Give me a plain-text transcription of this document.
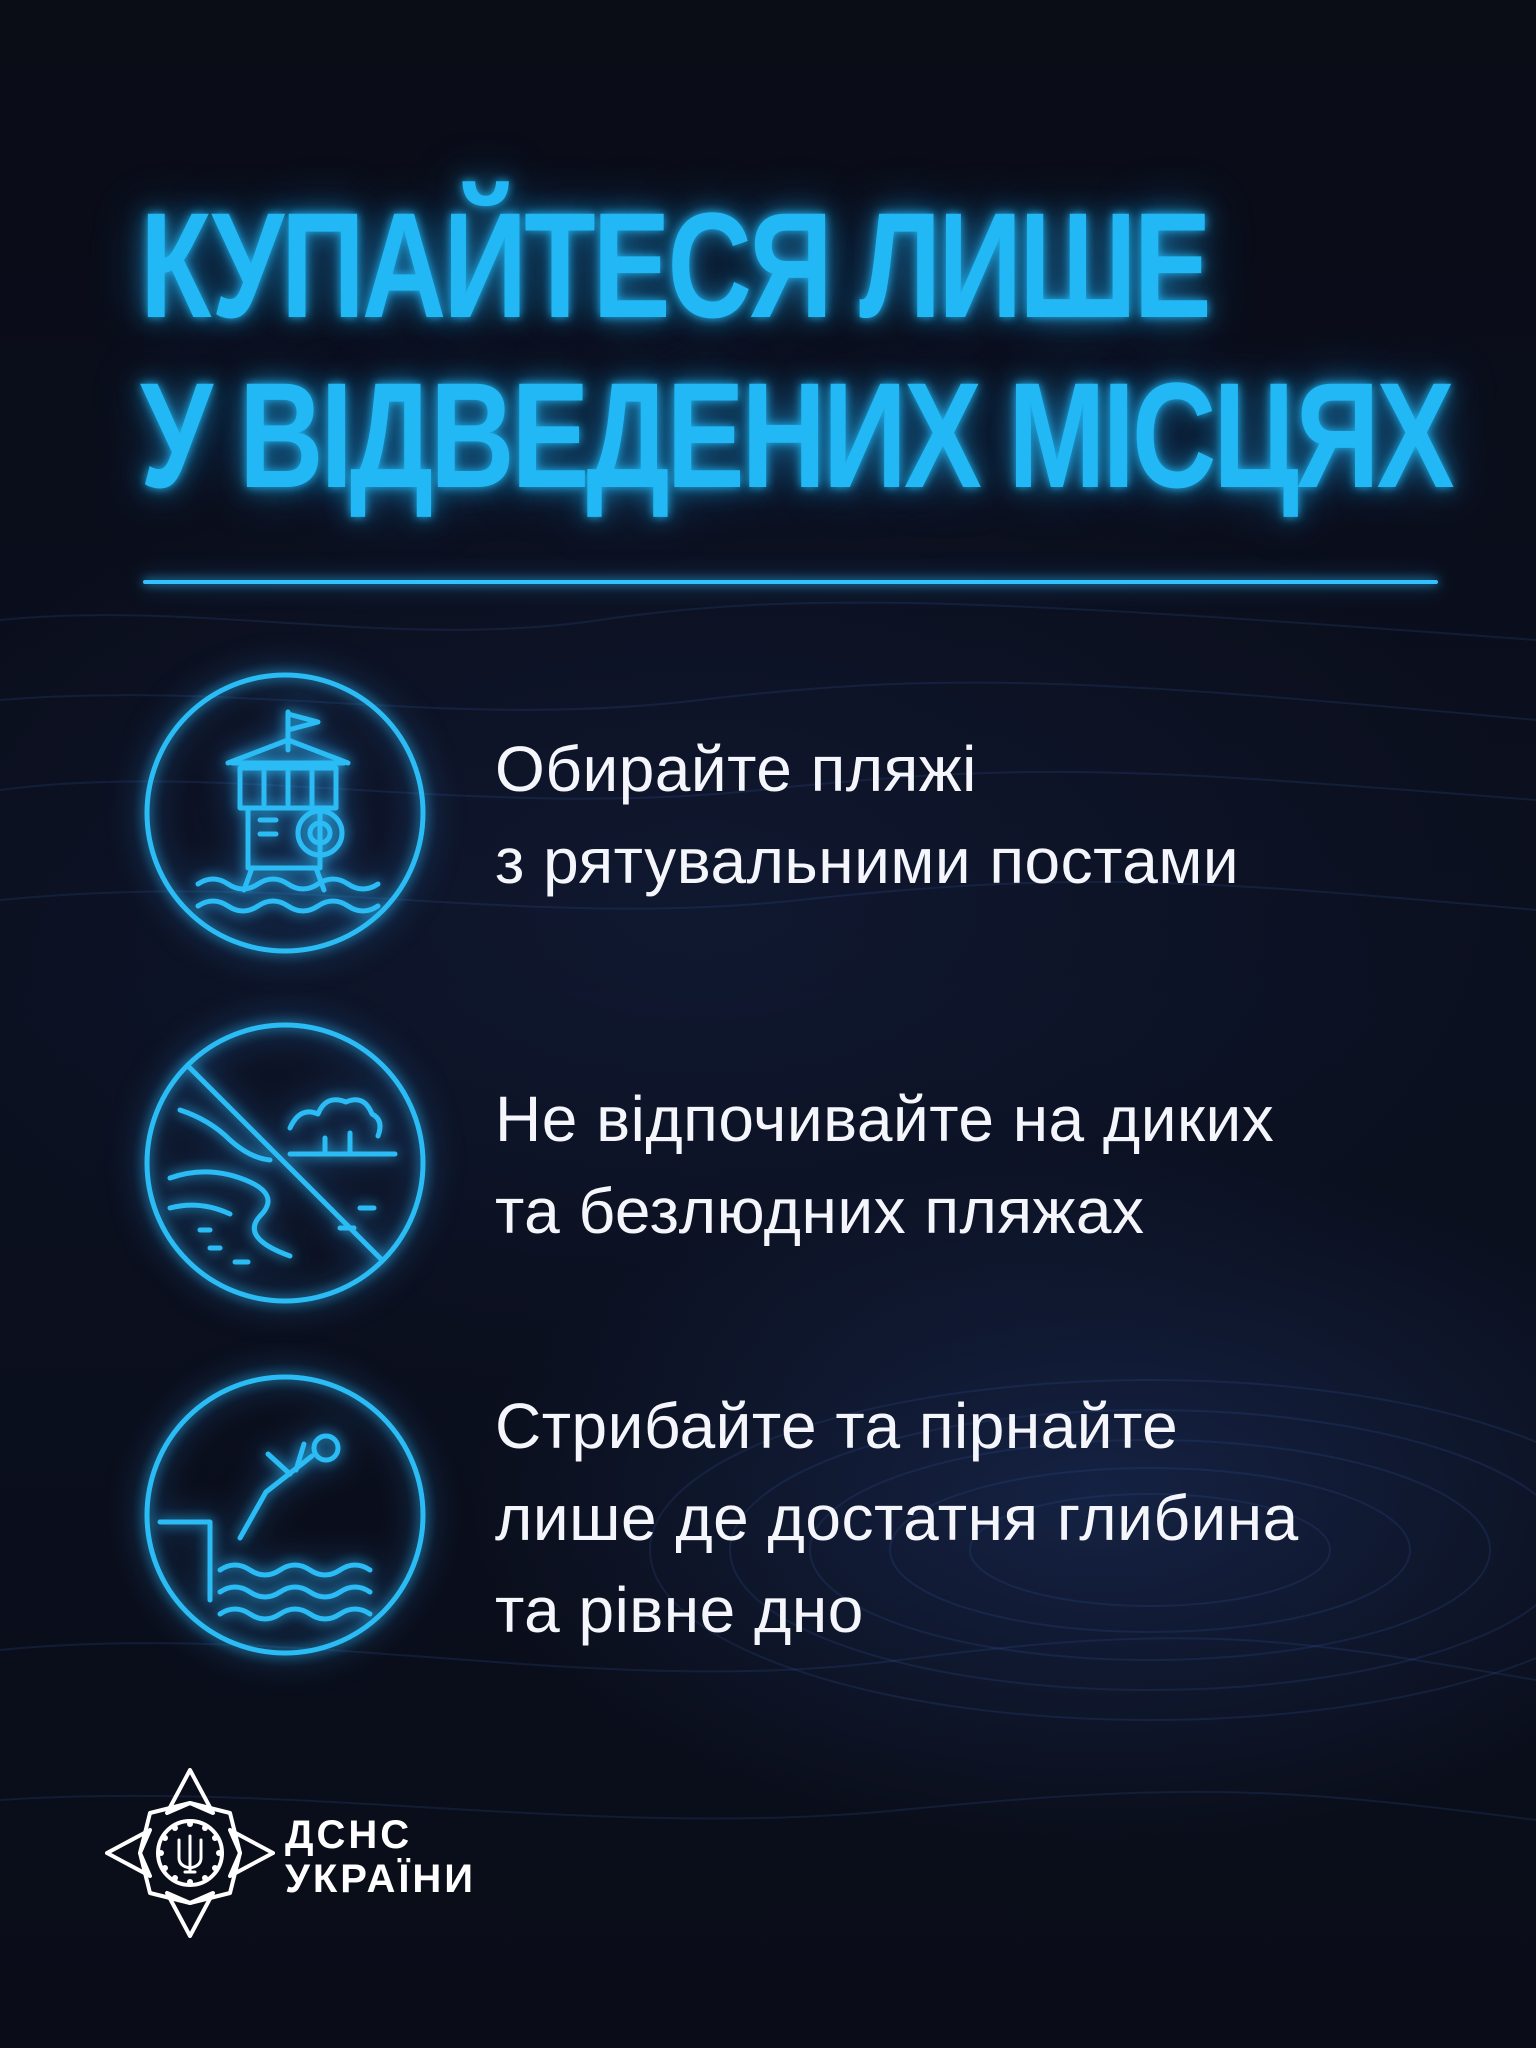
КУПАЙТЕСЯ ЛИШЕ
У ВІДВЕДЕНИХ МІСЦЯХ
Обирайте пляжі
з рятувальними постами
Не відпочивайте на диких
та безлюдних пляжах
Стрибайте та пірнайте
лише де достатня глибина
та рівне дно
ДСНС
УКРАЇНИ
